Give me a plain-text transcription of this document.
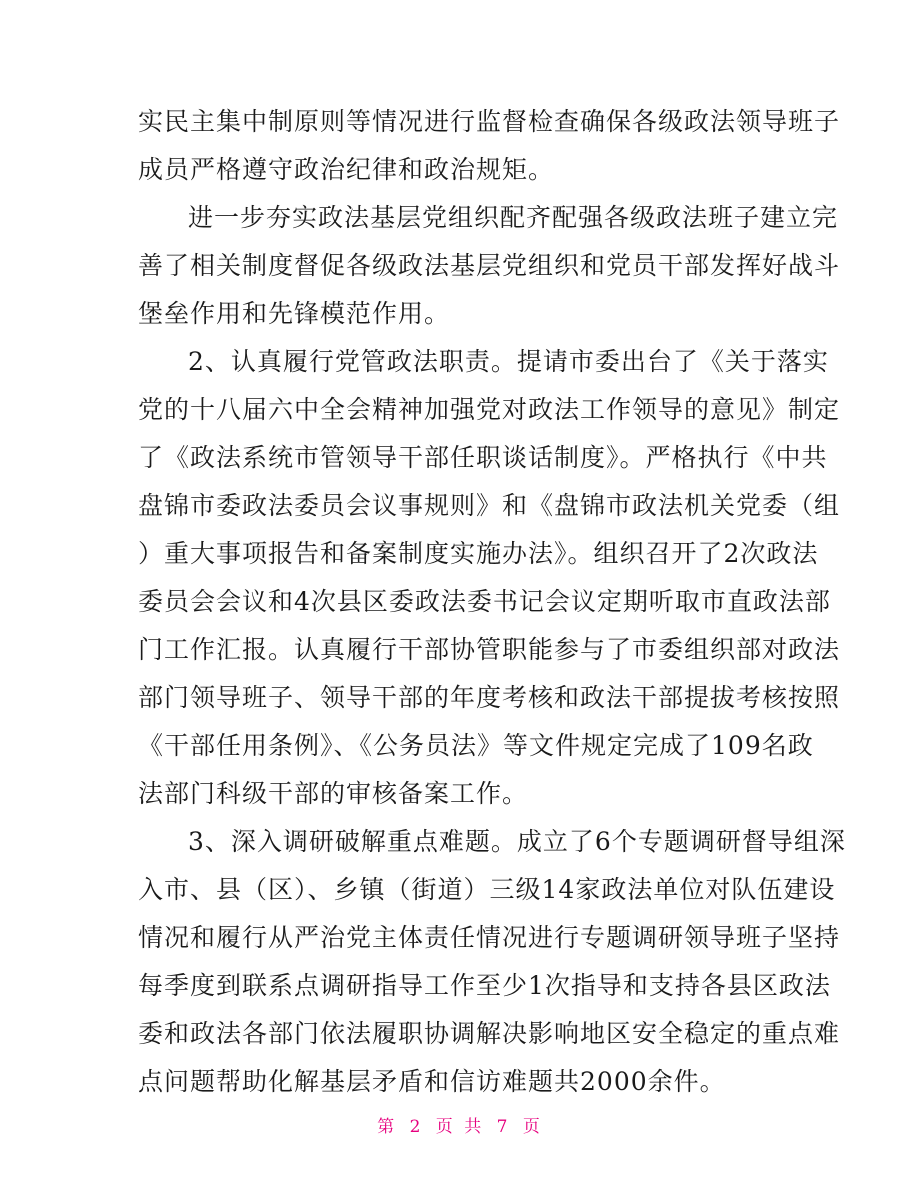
实民主集中制原则等情况进行监督检查确保各级政法领导班子
成员严格遵守政治纪律和政治规矩。
进一步夯实政法基层党组织配齐配强各级政法班子建立完
善了相关制度督促各级政法基层党组织和党员干部发挥好战斗
堡垒作用和先锋模范作用。
2、认真履行党管政法职责。提请市委出台了《关于落实
党的十八届六中全会精神加强党对政法工作领导的意见》制定
了《政法系统市管领导干部任职谈话制度》。严格执行《中共
盘锦市委政法委员会议事规则》和《盘锦市政法机关党委（组
）重大事项报告和备案制度实施办法》。组织召开了2次政法
委员会会议和4次县区委政法委书记会议定期听取市直政法部
门工作汇报。认真履行干部协管职能参与了市委组织部对政法
部门领导班子、领导干部的年度考核和政法干部提拔考核按照
《干部任用条例》、《公务员法》等文件规定完成了109名政
法部门科级干部的审核备案工作。
3、深入调研破解重点难题。成立了6个专题调研督导组深
入市、县（区）、乡镇（街道）三级14家政法单位对队伍建设
情况和履行从严治党主体责任情况进行专题调研领导班子坚持
每季度到联系点调研指导工作至少1次指导和支持各县区政法
委和政法各部门依法履职协调解决影响地区安全稳定的重点难
点问题帮助化解基层矛盾和信访难题共2000余件。
第 2 页 共 7 页
